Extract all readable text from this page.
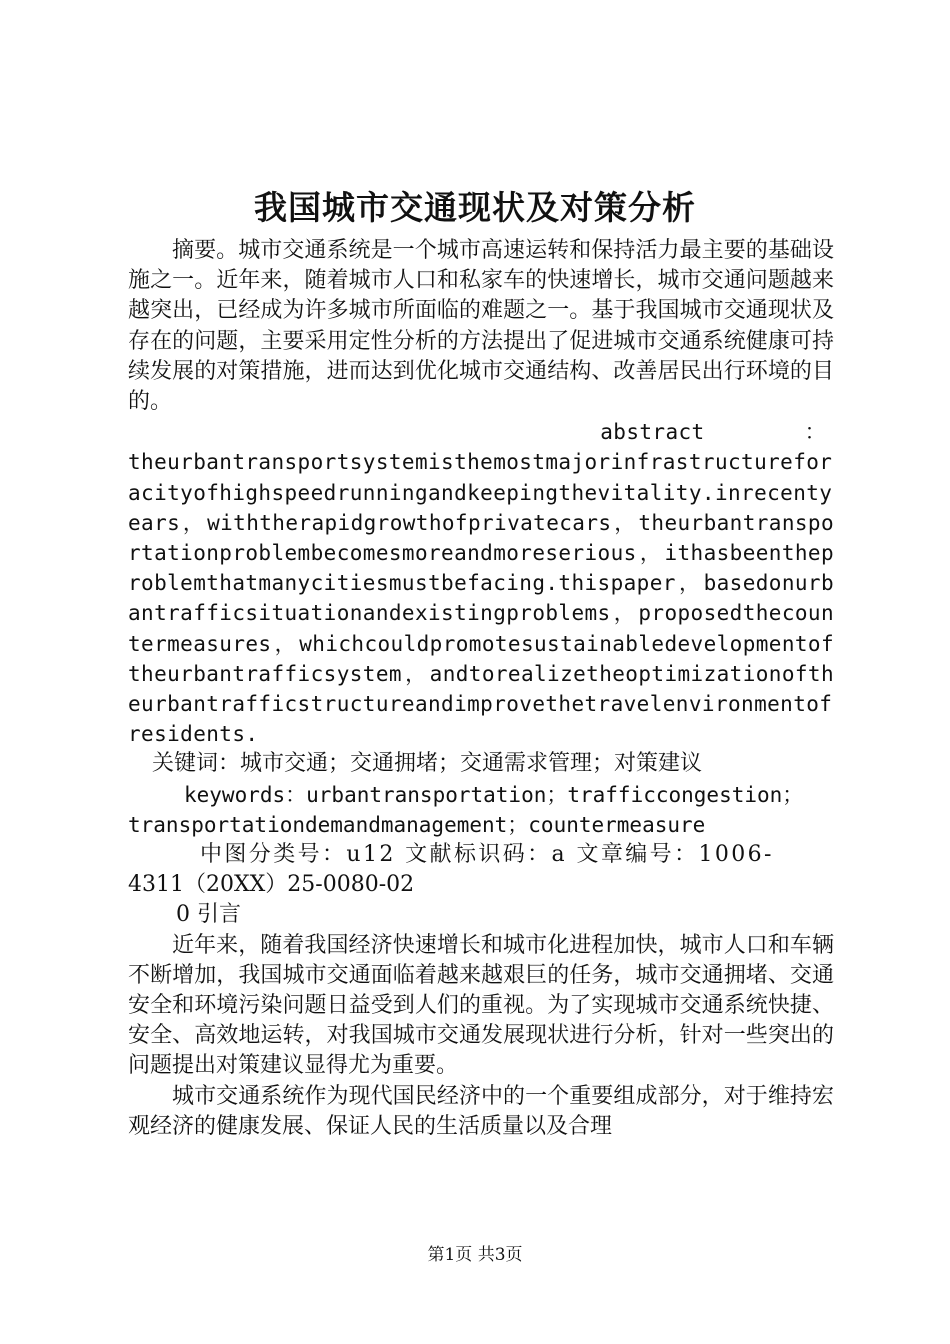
我国城市交通现状及对策分析

摘要。城市交通系统是一个城市高速运转和保持活力最主要的基础设施之一。近年来，随着城市人口和私家车的快速增长，城市交通问题越来越突出，已经成为许多城市所面临的难题之一。基于我国城市交通现状及存在的问题，主要采用定性分析的方法提出了促进城市交通系统健康可持续发展的对策措施，进而达到优化城市交通结构、改善居民出行环境的目的。

abstract	：

theurbantransportsystemisthemostmajorinfrastructureforacityofhighspeedrunningandkeepingthevitality.inrecentyears，withtherapidgrowthofprivatecars，theurbantransportationproblembecomesmoreandmoreserious，ithasbeentheproblemthatmanycitiesmustbefacing.thispaper，basedonurbantrafficsituationandexistingproblems，proposedthecountermeasures，whichcouldpromotesustainabledevelopmentoftheurbantrafficsystem，andtorealizetheoptimizationoftheurbantrafficstructureandimprovethetravelenvironmentofresidents.

关键词：城市交通；交通拥堵；交通需求管理；对策建议

keywords：urbantransportation；trafficcongestion；

transportationdemandmanagement；countermeasure

中图分类号：u12 文献标识码：a 文章编号：1006-

4311（20XX）25-0080-02

0 引言

近年来，随着我国经济快速增长和城市化进程加快，城市人口和车辆不断增加，我国城市交通面临着越来越艰巨的任务，城市交通拥堵、交通安全和环境污染问题日益受到人们的重视。为了实现城市交通系统快捷、安全、高效地运转，对我国城市交通发展现状进行分析，针对一些突出的问题提出对策建议显得尤为重要。

城市交通系统作为现代国民经济中的一个重要组成部分，对于维持宏观经济的健康发展、保证人民的生活质量以及合理

第1页 共3页
